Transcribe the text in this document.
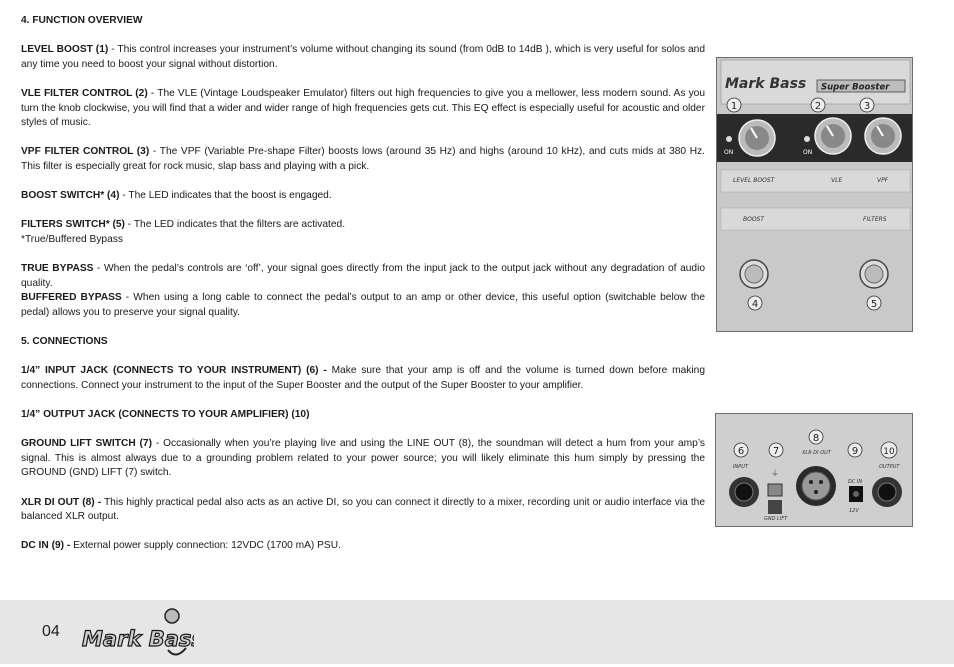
4. FUNCTION OVERVIEW

LEVEL BOOST (1) - This control increases your instrument’s volume without changing its sound (from 0dB to 14dB ), which is very useful for solos and any time you need to boost your signal without distortion.

VLE FILTER CONTROL (2) - The VLE (Vintage Loudspeaker Emulator) filters out high frequencies to give you a mellower, less modern sound. As you turn the knob clockwise, you will find that a wider and wider range of high frequencies gets cut. This EQ effect is especially useful for acoustic and older styles of music.

VPF FILTER CONTROL (3) - The VPF (Variable Pre-shape Filter) boosts lows (around 35 Hz) and highs (around 10 kHz), and cuts mids at 380 Hz. This filter is especially great for rock music, slap bass and playing with a pick.

BOOST SWITCH* (4) - The LED indicates that the boost is engaged.

FILTERS SWITCH* (5) - The LED indicates that the filters are activated.

*True/Buffered Bypass

TRUE BYPASS - When the pedal’s controls are ‘off’, your signal goes directly from the input jack to the output jack without any degradation of audio quality.

BUFFERED BYPASS - When using a long cable to connect the pedal’s output to an amp or other device, this useful option (switchable below the pedal) allows you to preserve your signal quality.

5. CONNECTIONS

1/4” INPUT JACK (CONNECTS TO YOUR INSTRUMENT) (6) - Make sure that your amp is off and the volume is turned down before making connections. Connect your instrument to the input of the Super Booster and the output of the Super Booster to your amplifier.

1/4” OUTPUT JACK (CONNECTS TO YOUR AMPLIFIER) (10)

GROUND LIFT SWITCH (7) - Occasionally when you’re playing live and using the LINE OUT (8), the soundman will detect a hum from your amp’s signal. This is almost always due to a grounding problem related to your power source; you will likely eliminate this hum simply by pressing the GROUND (GND) LIFT (7) switch.

XLR DI OUT (8) - This highly practical pedal also acts as an active DI, so you can connect it directly to a mixer, recording unit or audio interface via the balanced XLR output.

DC IN (9) - External power supply connection: 12VDC (1700 mA) PSU.

Mark Bass Super Booster
1	2	3
ON	ON
LEVEL BOOST	VLE	VPF
BOOST	FILTERS
4	5
6	7
8
9	10
INPUT
XLR DI OUT
DC IN
12V
GND LIFT
OUTPUT
⏚
04 Mark Bass
